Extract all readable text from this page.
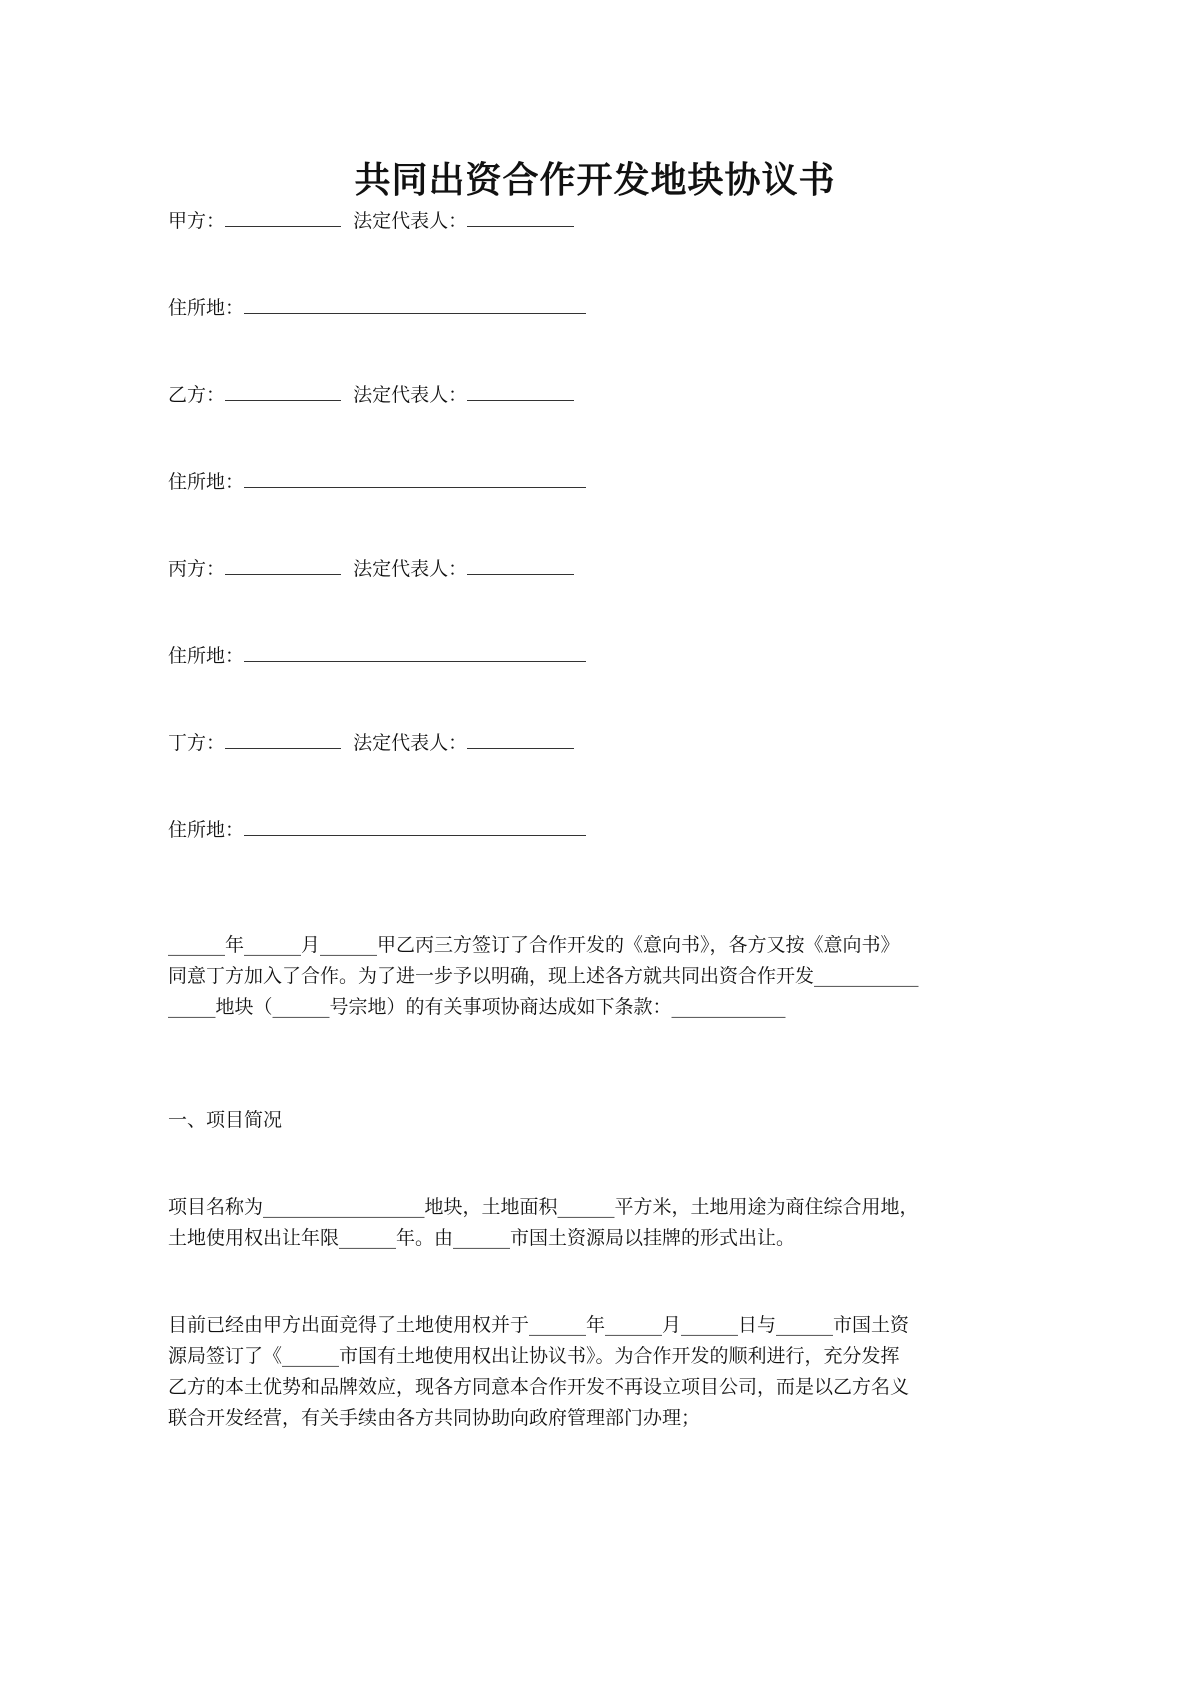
共同出资合作开发地块协议书
甲方：	法定代表人：
住所地：
乙方：	法定代表人：
住所地：
丙方：	法定代表人：
住所地：
丁方：	法定代表人：
住所地：
______年______月______甲乙丙三方签订了合作开发的《意向书》，各方又按《意向书》
同意丁方加入了合作。为了进一步予以明确，现上述各方就共同出资合作开发___________
_____地块（______号宗地）的有关事项协商达成如下条款：____________
一、项目简况
项目名称为_________________地块，土地面积______平方米，土地用途为商住综合用地，
土地使用权出让年限______年。由______市国土资源局以挂牌的形式出让。
目前已经由甲方出面竞得了土地使用权并于______年______月______日与______市国土资
源局签订了《______市国有土地使用权出让协议书》。为合作开发的顺利进行，充分发挥
乙方的本土优势和品牌效应，现各方同意本合作开发不再设立项目公司，而是以乙方名义
联合开发经营，有关手续由各方共同协助向政府管理部门办理；
